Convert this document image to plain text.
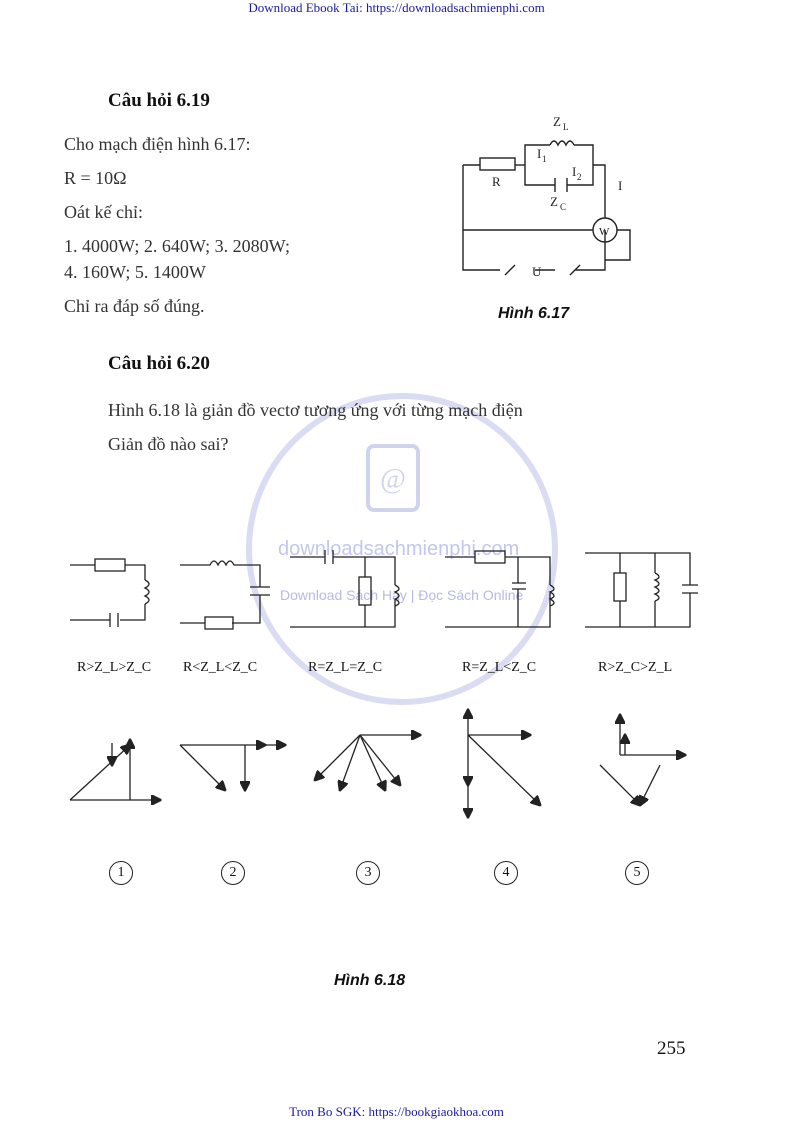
Download Ebook Tai: https://downloadsachmienphi.com
@
downloadsachmienphi.com
Download Sách Hay | Đọc Sách Online
Câu hỏi 6.19
Cho mạch điện hình 6.17:
R = 10Ω
Oát kế chỉ:
1. 4000W; 2. 640W; 3. 2080W;
4. 160W; 5. 1400W
Chỉ ra đáp số đúng.
Z L
I 1
I 2
R
Z C
I
W
U
Hình 6.17
Câu hỏi 6.20
Hình 6.18 là giản đồ vectơ tương ứng với từng mạch điện
Giản đồ nào sai?
R>Z_L>Z_C R<Z_L<Z_C	R=Z_L=Z_C	R=Z_L<Z_C	R>Z_C>Z_L
1	2	3	4	5
Hình 6.18
255
Tron Bo SGK: https://bookgiaokhoa.com
